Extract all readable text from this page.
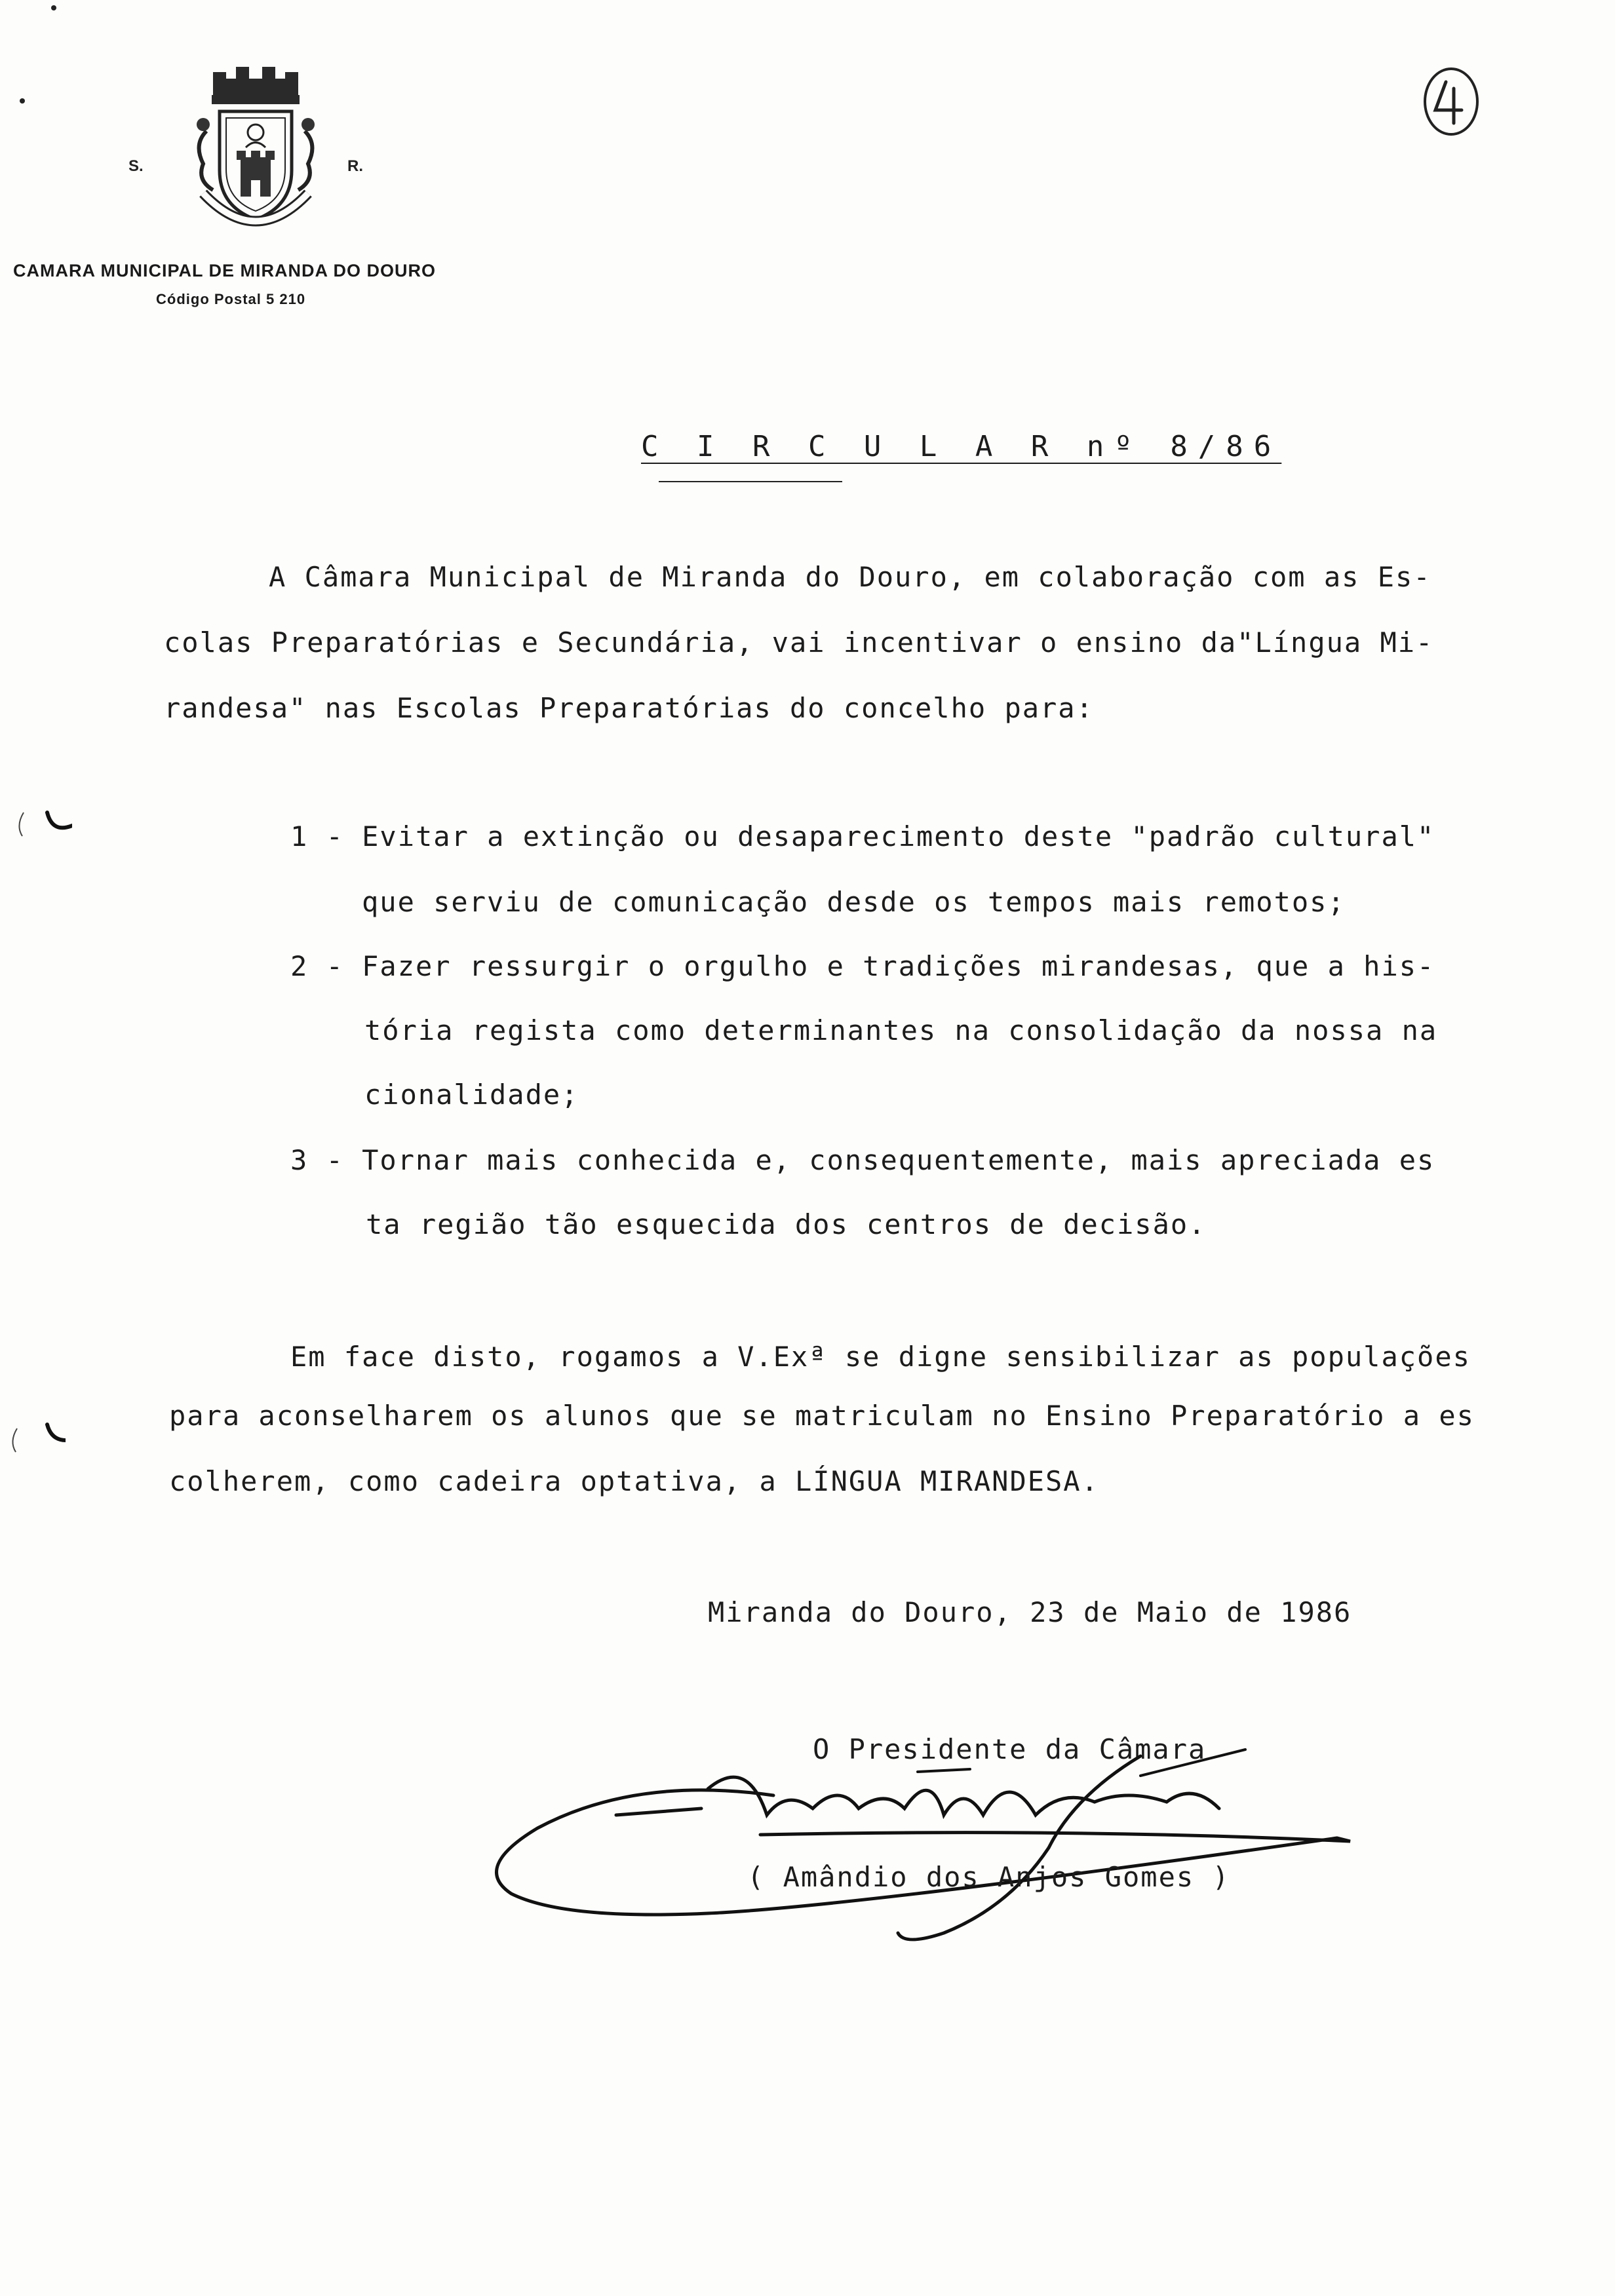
S.	R.
CAMARA MUNICIPAL DE MIRANDA DO DOURO
Código Postal 5 210
C I R C U L A R nº 8/86
A Câmara Municipal de Miranda do Douro, em colaboração com as Es-
colas Preparatórias e Secundária, vai incentivar o ensino da"Língua Mi-
randesa" nas Escolas Preparatórias do concelho para:
1 - Evitar a extinção ou desaparecimento deste "padrão cultural"
que serviu de comunicação desde os tempos mais remotos;
2 - Fazer ressurgir o orgulho e tradições mirandesas, que a his-
tória regista como determinantes na consolidação da nossa na
cionalidade;
3 - Tornar mais conhecida e, consequentemente, mais apreciada es
ta região tão esquecida dos centros de decisão.
Em face disto, rogamos a V.Exª se digne sensibilizar as populações
para aconselharem os alunos que se matriculam no Ensino Preparatório a es
colherem, como cadeira optativa, a LÍNGUA MIRANDESA.
Miranda do Douro, 23 de Maio de 1986
O Presidente da Câmara
( Amândio dos Anjos Gomes )
